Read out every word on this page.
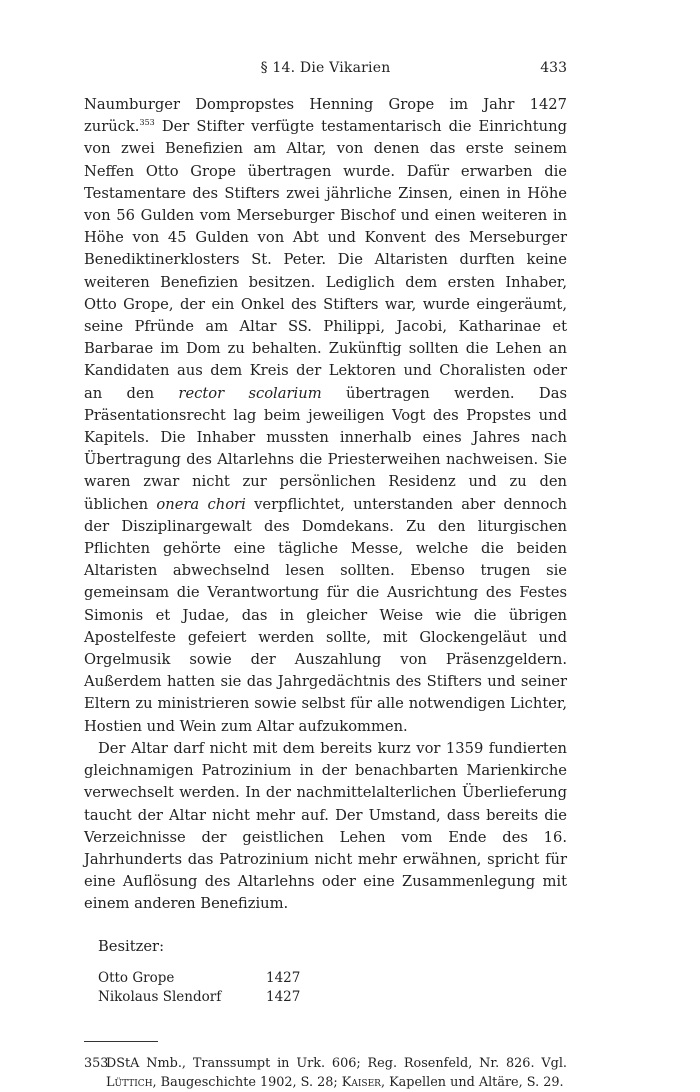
§ 14. Die Vikarien	433

Naumburger Dompropstes Henning Grope im Jahr 1427 zurück.$^{353}$ Der Stifter verfügte testamentarisch die Einrichtung von zwei Benefizien am Altar, von denen das erste seinem Neffen Otto Grope übertragen wurde. Dafür erwarben die Testamentare des Stifters zwei jährliche Zinsen, einen in Höhe von 56 Gulden vom Merseburger Bischof und einen weiteren in Höhe von 45 Gulden von Abt und Konvent des Merseburger Benediktinerklosters St. Peter. Die Altaristen durften keine weiteren Benefizien besitzen. Lediglich dem ersten Inhaber, Otto Grope, der ein Onkel des Stifters war, wurde eingeräumt, seine Pfründe am Altar SS. Philippi, Jacobi, Katharinae et Barbarae im Dom zu behalten. Zukünftig sollten die Lehen an Kandidaten aus dem Kreis der Lektoren und Choralisten oder an den rector scolarium übertragen werden. Das Präsentationsrecht lag beim jeweiligen Vogt des Propstes und Kapitels. Die Inhaber mussten innerhalb eines Jahres nach Übertragung des Altarlehns die Priesterweihen nachweisen. Sie waren zwar nicht zur persönlichen Residenz und zu den üblichen onera chori verpflichtet, unterstanden aber dennoch der Disziplinargewalt des Domdekans. Zu den liturgischen Pflichten gehörte eine tägliche Messe, welche die beiden Altaristen abwechselnd lesen sollten. Ebenso trugen sie gemeinsam die Verantwortung für die Ausrichtung des Festes Simonis et Judae, das in gleicher Weise wie die übrigen Apostelfeste gefeiert werden sollte, mit Glockengeläut und Orgelmusik sowie der Auszahlung von Präsenzgeldern. Außerdem hatten sie das Jahrgedächtnis des Stifters und seiner Eltern zu ministrieren sowie selbst für alle notwendigen Lichter, Hostien und Wein zum Altar aufzukommen.

Der Altar darf nicht mit dem bereits kurz vor 1359 fundierten gleichnamigen Patrozinium in der benachbarten Marienkirche verwechselt werden. In der nachmittelalterlichen Überlieferung taucht der Altar nicht mehr auf. Der Umstand, dass bereits die Verzeichnisse der geistlichen Lehen vom Ende des 16. Jahrhunderts das Patrozinium nicht mehr erwähnen, spricht für eine Auflösung des Altarlehns oder eine Zusammenlegung mit einem anderen Benefizium.

Besitzer:
Otto Grope	1427
Nikolaus Slendorf	1427
353
DStA Nmb., Transsumpt in Urk. 606; Reg. Rosenfeld, Nr. 826. Vgl. Lüttich, Baugeschichte 1902, S. 28; Kaiser, Kapellen und Altäre, S. 29.
